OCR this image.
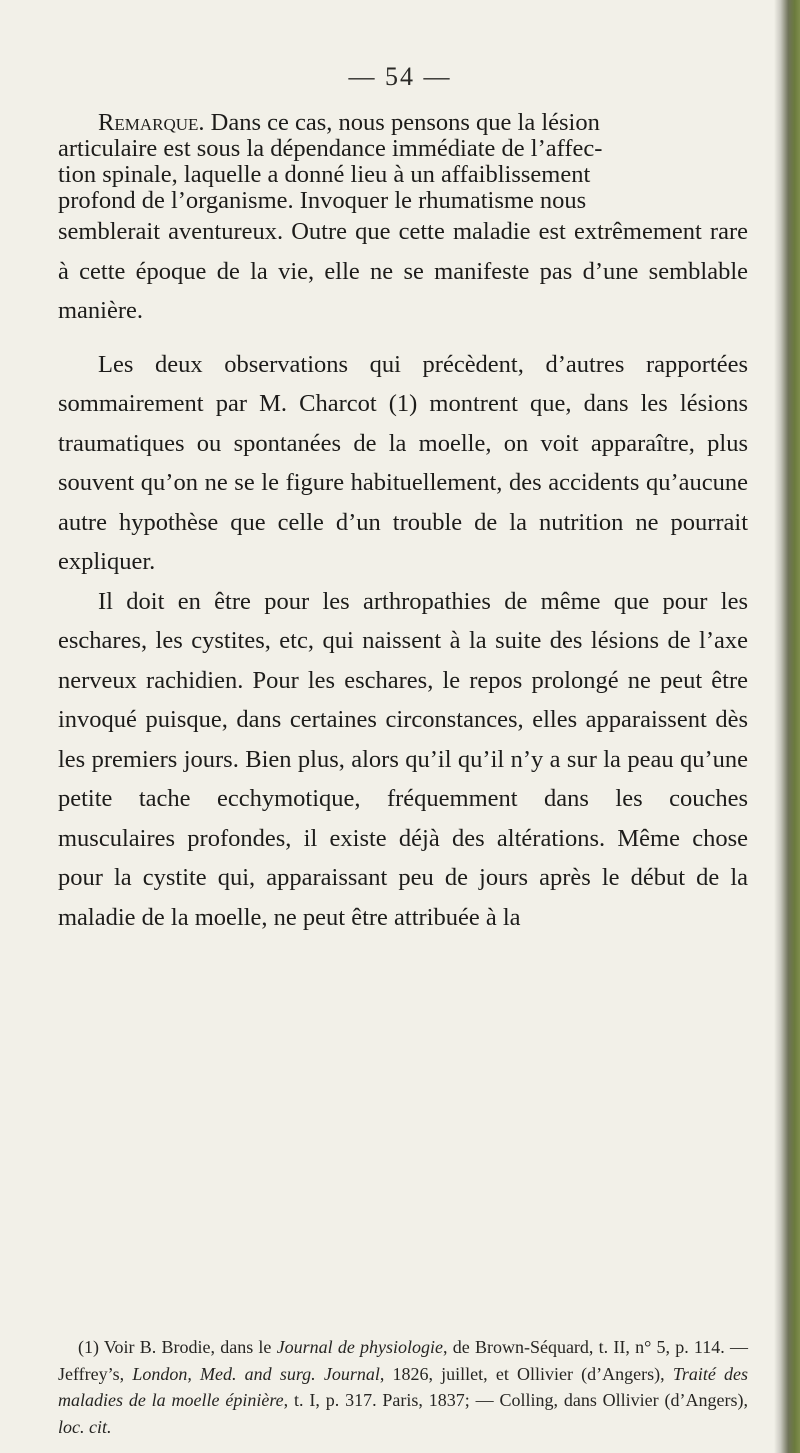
— 54 —

Remarque. Dans ce cas, nous pensons que la lésion

articulaire est sous la dépendance immédiate de l’affec-

tion spinale, laquelle a donné lieu à un affaiblissement

profond de l’organisme. Invoquer le rhumatisme nous

semblerait aventureux. Outre que cette maladie est extrêmement rare à cette époque de la vie, elle ne se manifeste pas d’une semblable manière.

Les deux observations qui précèdent, d’autres rapportées sommairement par M. Charcot (1) montrent que, dans les lésions traumatiques ou spontanées de la moelle, on voit apparaître, plus souvent qu’on ne se le figure habituellement, des accidents qu’aucune autre hypothèse que celle d’un trouble de la nutrition ne pourrait expliquer.

Il doit en être pour les arthropathies de même que pour les eschares, les cystites, etc, qui naissent à la suite des lésions de l’axe nerveux rachidien. Pour les eschares, le repos prolongé ne peut être invoqué puisque, dans certaines circonstances, elles apparaissent dès les premiers jours. Bien plus, alors qu’il qu’il n’y a sur la peau qu’une petite tache ecchymotique, fréquemment dans les couches musculaires profondes, il existe déjà des altérations. Même chose pour la cystite qui, apparaissant peu de jours après le début de la maladie de la moelle, ne peut être attribuée à la

(1) Voir B. Brodie, dans le Journal de physiologie, de Brown-Séquard, t. II, n° 5, p. 114. —Jeffrey’s, London, Med. and surg. Journal, 1826, juillet, et Ollivier (d’Angers), Traité des maladies de la moelle épinière, t. I, p. 317. Paris, 1837; — Colling, dans Ollivier (d’Angers), loc. cit.
